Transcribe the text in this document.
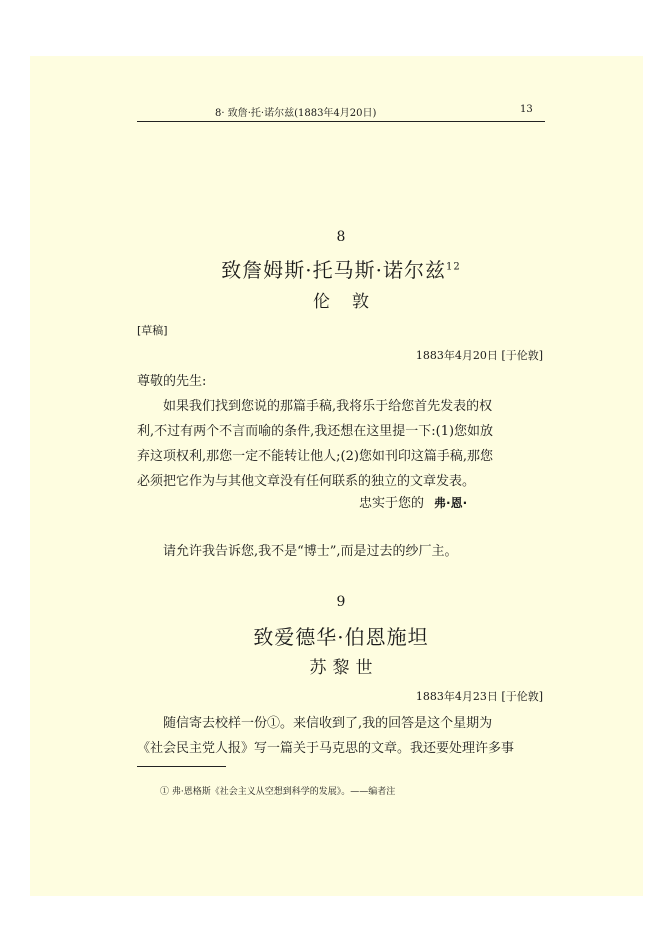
8· 致詹·托·诺尔兹(1883年4月20日)	13
8
致詹姆斯·托马斯·诺尔兹$^{12}$
伦敦
[草稿]
1883年4月20日 [于伦敦]
尊敬的先生:
如果我们找到您说的那篇手稿,我将乐于给您首先发表的权
利,不过有两个不言而喻的条件,我还想在这里提一下:(1)您如放
弃这项权利,那您一定不能转让他人;(2)您如刊印这篇手稿,那您
必须把它作为与其他文章没有任何联系的独立的文章发表。
忠实于您的 弗·恩·
请允许我告诉您,我不是“博士”,而是过去的纱厂主。
9
致爱德华·伯恩施坦
苏黎世
1883年4月23日 [于伦敦]
随信寄去校样一份①。来信收到了,我的回答是这个星期为
《社会民主党人报》写一篇关于马克思的文章。我还要处理许多事
① 弗·恩格斯《社会主义从空想到科学的发展》。——编者注
